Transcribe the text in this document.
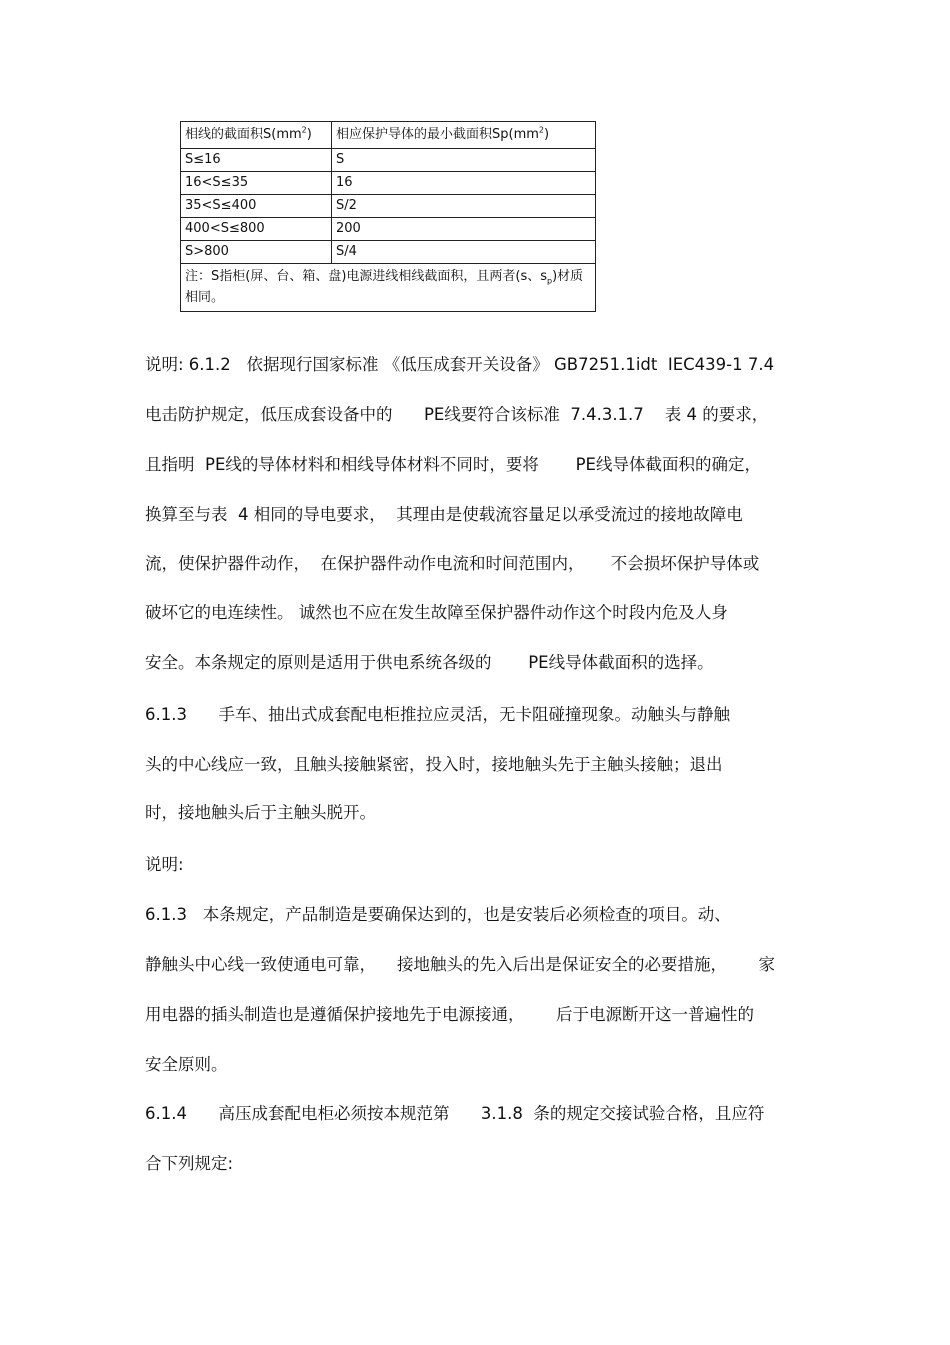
相线的截面积$S(mm^2)$	相应保护导体的最小截面积$Sp(mm^2)$
S≤16	S
16<S≤35	16
35<S≤400	S/2
400<S≤800	200
S>800	S/4
注：S指柜(屏、台、箱、盘)电源进线相线截面积，且两者(s、$s_p$)材质相同。	
说明: 6.1.2   依据现行国家标准 《低压成套开关设备》 GB7251.1idt  IEC439-1 7.4
电击防护规定，低压成套设备中的      PE线要符合该标准  7.4.3.1.7    表 4 的要求，
且指明  PE线的导体材料和相线导体材料不同时，要将       PE线导体截面积的确定，
换算至与表  4 相同的导电要求，  其理由是使载流容量足以承受流过的接地故障电
流，使保护器件动作，  在保护器件动作电流和时间范围内，     不会损坏保护导体或
破坏它的电连续性。 诚然也不应在发生故障至保护器件动作这个时段内危及人身
安全。本条规定的原则是适用于供电系统各级的       PE线导体截面积的选择。
6.1.3      手车、抽出式成套配电柜推拉应灵活，无卡阻碰撞现象。动触头与静触
头的中心线应一致，且触头接触紧密，投入时，接地触头先于主触头接触；退出
时，接地触头后于主触头脱开。
说明:
6.1.3   本条规定，产品制造是要确保达到的，也是安装后必须检查的项目。动、
静触头中心线一致使通电可靠，    接地触头的先入后出是保证安全的必要措施，      家
用电器的插头制造也是遵循保护接地先于电源接通，      后于电源断开这一普遍性的
安全原则。
6.1.4      高压成套配电柜必须按本规范第      3.1.8  条的规定交接试验合格，且应符
合下列规定:
